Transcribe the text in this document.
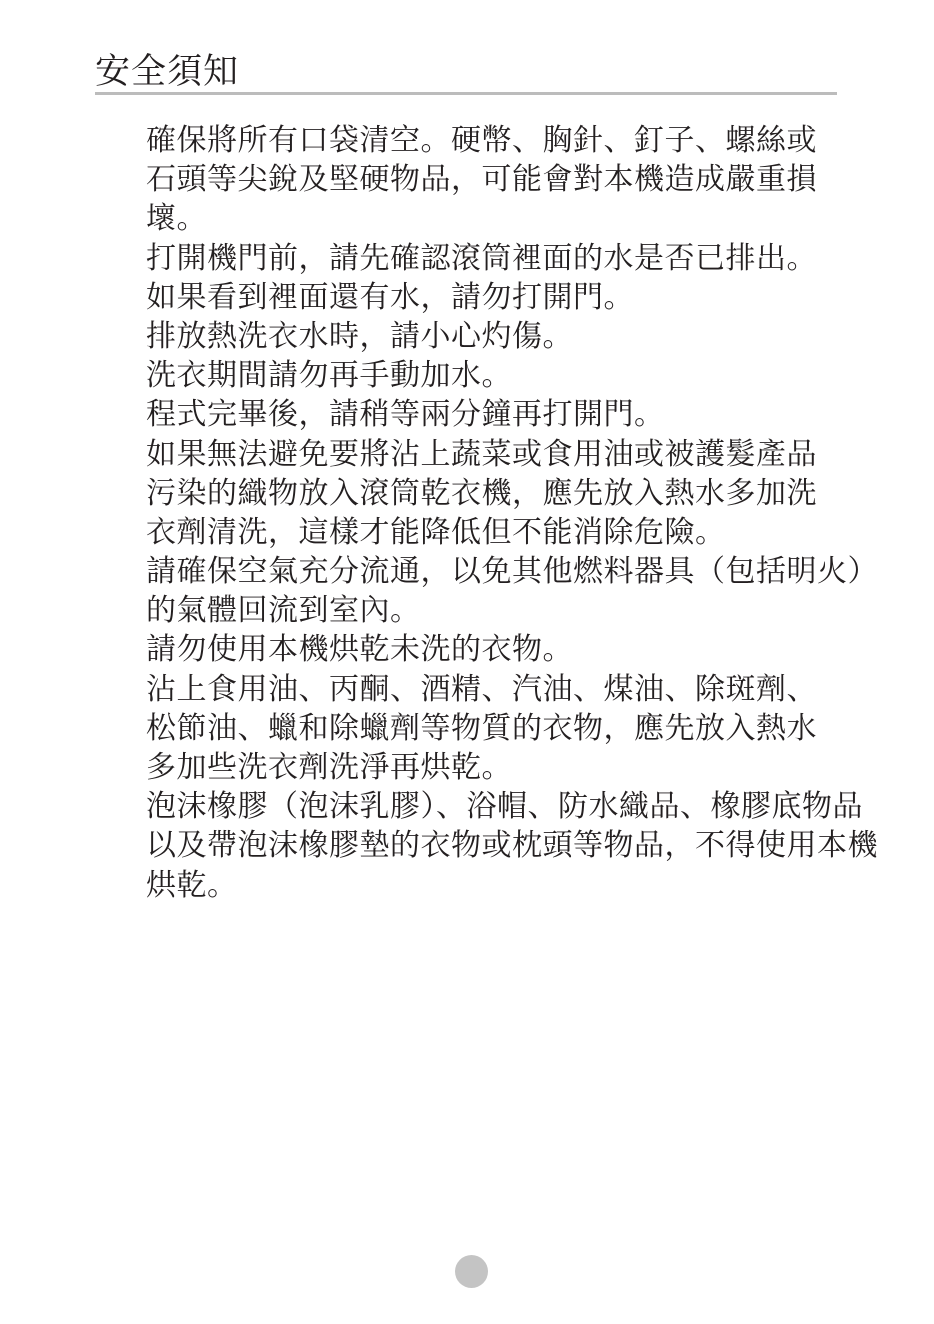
安全須知
確保將所有口袋清空。硬幣、胸針、釘子、螺絲或
石頭等尖銳及堅硬物品，可能會對本機造成嚴重損
壞。
打開機門前，請先確認滾筒裡面的水是否已排出。
如果看到裡面還有水，請勿打開門。
排放熱洗衣水時，請小心灼傷。
洗衣期間請勿再手動加水。
程式完畢後，請稍等兩分鐘再打開門。
如果無法避免要將沾上蔬菜或食用油或被護髮產品
污染的織物放入滾筒乾衣機，應先放入熱水多加洗
衣劑清洗，這樣才能降低但不能消除危險。
請確保空氣充分流通，以免其他燃料器具（包括明火）
的氣體回流到室內。
請勿使用本機烘乾未洗的衣物。
沾上食用油、丙酮、酒精、汽油、煤油、除斑劑、
松節油、蠟和除蠟劑等物質的衣物，應先放入熱水
多加些洗衣劑洗淨再烘乾。
泡沫橡膠（泡沫乳膠）、浴帽、防水織品、橡膠底物品
以及帶泡沫橡膠墊的衣物或枕頭等物品，不得使用本機
烘乾。
